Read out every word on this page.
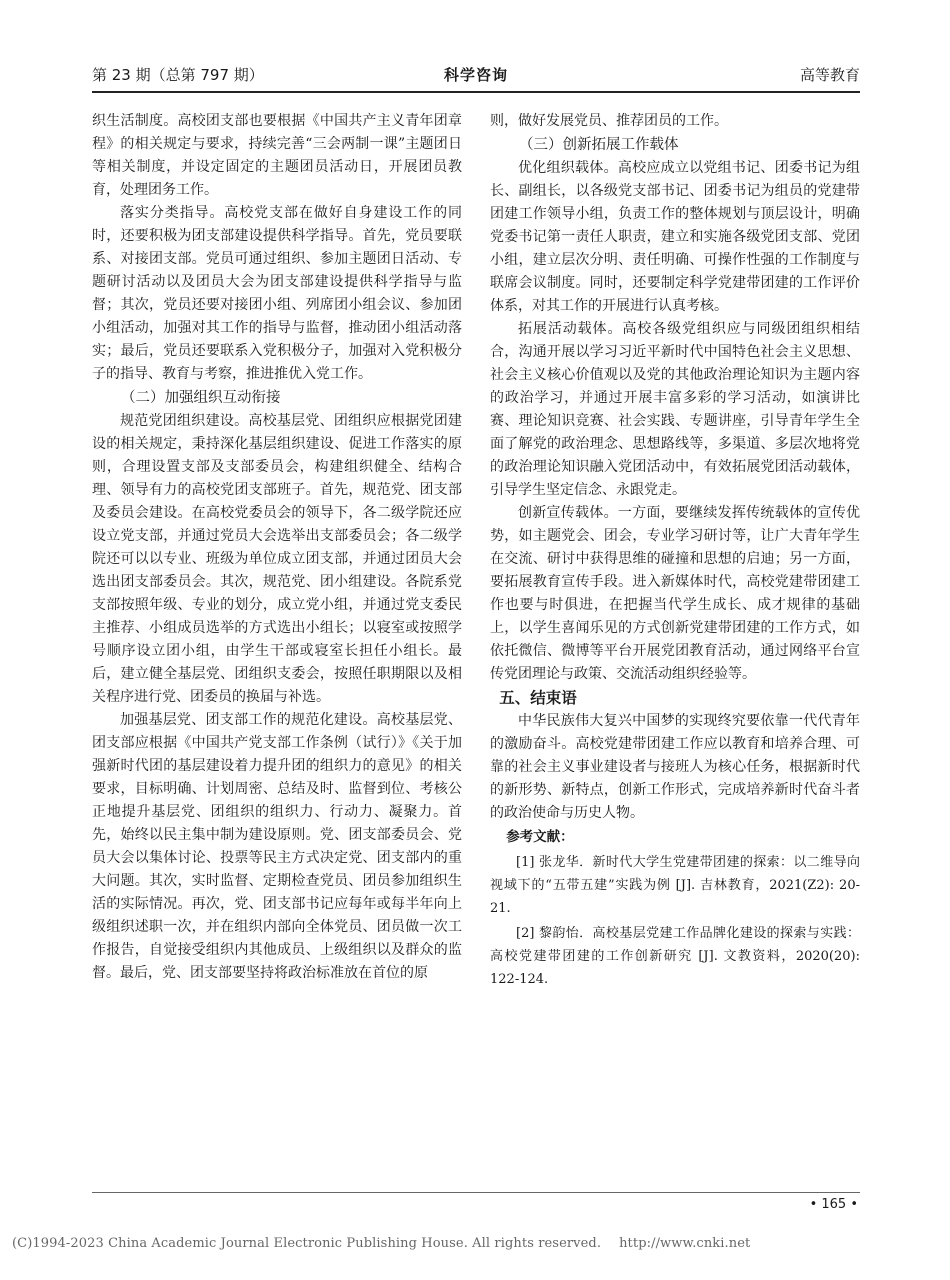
第 23 期（总第 797 期）	科学咨询	高等教育

织生活制度。高校团支部也要根据《中国共产主义青年团章程》的相关规定与要求，持续完善“三会两制一课”主题团日等相关制度，并设定固定的主题团员活动日，开展团员教育，处理团务工作。

落实分类指导。高校党支部在做好自身建设工作的同时，还要积极为团支部建设提供科学指导。首先，党员要联系、对接团支部。党员可通过组织、参加主题团日活动、专题研讨活动以及团员大会为团支部建设提供科学指导与监督；其次，党员还要对接团小组、列席团小组会议、参加团小组活动，加强对其工作的指导与监督，推动团小组活动落实；最后，党员还要联系入党积极分子，加强对入党积极分子的指导、教育与考察，推进推优入党工作。

（二）加强组织互动衔接

规范党团组织建设。高校基层党、团组织应根据党团建设的相关规定，秉持深化基层组织建设、促进工作落实的原则，合理设置支部及支部委员会，构建组织健全、结构合理、领导有力的高校党团支部班子。首先，规范党、团支部及委员会建设。在高校党委员会的领导下，各二级学院还应设立党支部，并通过党员大会选举出支部委员会；各二级学院还可以以专业、班级为单位成立团支部，并通过团员大会选出团支部委员会。其次，规范党、团小组建设。各院系党支部按照年级、专业的划分，成立党小组，并通过党支委民主推荐、小组成员选举的方式选出小组长；以寝室或按照学号顺序设立团小组，由学生干部或寝室长担任小组长。最后，建立健全基层党、团组织支委会，按照任职期限以及相关程序进行党、团委员的换届与补选。

加强基层党、团支部工作的规范化建设。高校基层党、团支部应根据《中国共产党支部工作条例（试行）》《关于加强新时代团的基层建设着力提升团的组织力的意见》的相关要求，目标明确、计划周密、总结及时、监督到位、考核公正地提升基层党、团组织的组织力、行动力、凝聚力。首先，始终以民主集中制为建设原则。党、团支部委员会、党员大会以集体讨论、投票等民主方式决定党、团支部内的重大问题。其次，实时监督、定期检查党员、团员参加组织生活的实际情况。再次，党、团支部书记应每年或每半年向上级组织述职一次，并在组织内部向全体党员、团员做一次工作报告，自觉接受组织内其他成员、上级组织以及群众的监督。最后，党、团支部要坚持将政治标准放在首位的原

则，做好发展党员、推荐团员的工作。

（三）创新拓展工作载体

优化组织载体。高校应成立以党组书记、团委书记为组长、副组长，以各级党支部书记、团委书记为组员的党建带团建工作领导小组，负责工作的整体规划与顶层设计，明确党委书记第一责任人职责，建立和实施各级党团支部、党团小组，建立层次分明、责任明确、可操作性强的工作制度与联席会议制度。同时，还要制定科学党建带团建的工作评价体系，对其工作的开展进行认真考核。

拓展活动载体。高校各级党组织应与同级团组织相结合，沟通开展以学习习近平新时代中国特色社会主义思想、社会主义核心价值观以及党的其他政治理论知识为主题内容的政治学习，并通过开展丰富多彩的学习活动，如演讲比赛、理论知识竞赛、社会实践、专题讲座，引导青年学生全面了解党的政治理念、思想路线等，多渠道、多层次地将党的政治理论知识融入党团活动中，有效拓展党团活动载体，引导学生坚定信念、永跟党走。

创新宣传载体。一方面，要继续发挥传统载体的宣传优势，如主题党会、团会，专业学习研讨等，让广大青年学生在交流、研讨中获得思维的碰撞和思想的启迪；另一方面，要拓展教育宣传手段。进入新媒体时代，高校党建带团建工作也要与时俱进，在把握当代学生成长、成才规律的基础上，以学生喜闻乐见的方式创新党建带团建的工作方式，如依托微信、微博等平台开展党团教育活动，通过网络平台宣传党团理论与政策、交流活动组织经验等。

五、结束语

中华民族伟大复兴中国梦的实现终究要依靠一代代青年的激励奋斗。高校党建带团建工作应以教育和培养合理、可靠的社会主义事业建设者与接班人为核心任务，根据新时代的新形势、新特点，创新工作形式，完成培养新时代奋斗者的政治使命与历史人物。

参考文献：

[1] 张龙华．新时代大学生党建带团建的探索：以二维导向视域下的“五带五建”实践为例 [J]. 吉林教育，2021(Z2): 20-21.

[2] 黎韵怡．高校基层党建工作品牌化建设的探索与实践：高校党建带团建的工作创新研究 [J]. 文教资料，2020(20): 122-124.

• 165 •
(C)1994-2023 China Academic Journal Electronic Publishing House. All rights reserved. http://www.cnki.net
